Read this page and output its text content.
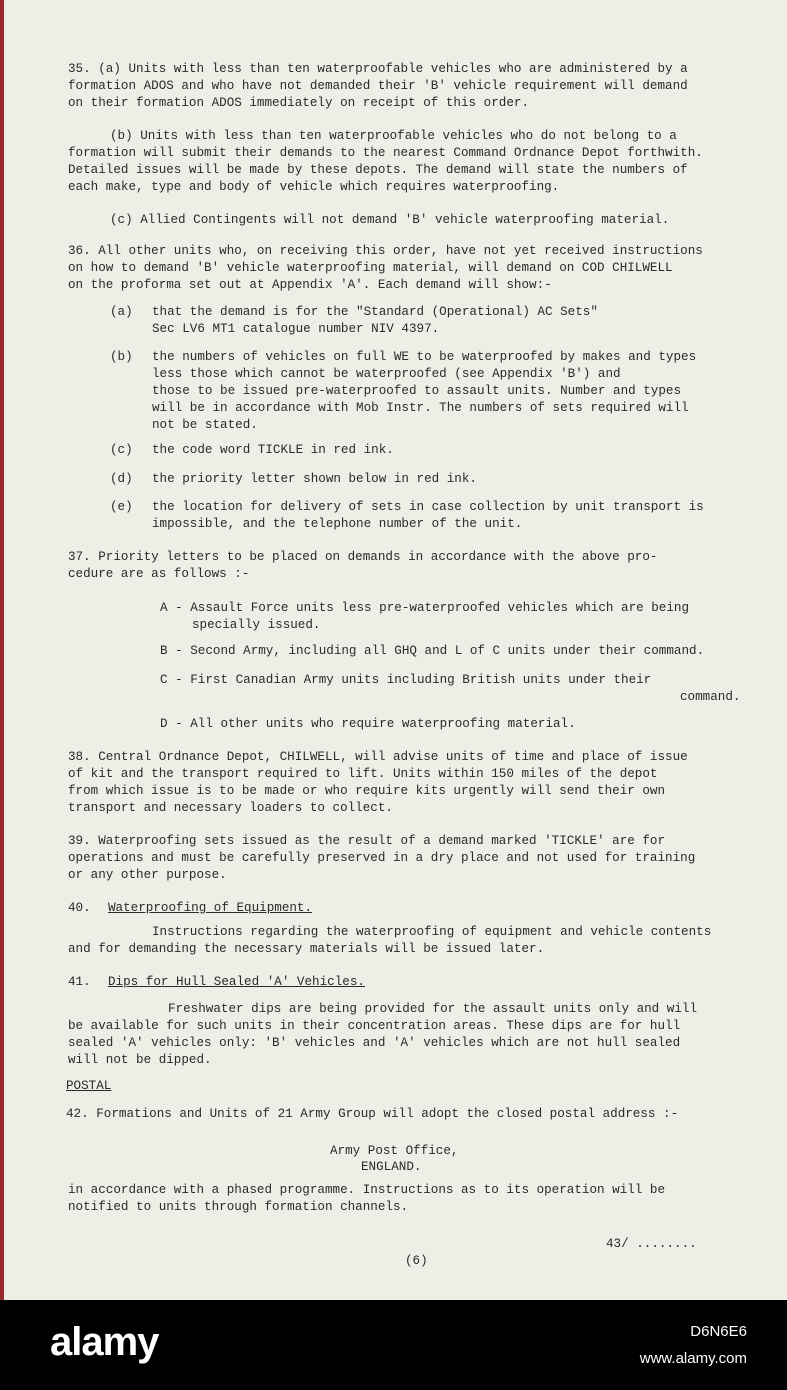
35. (a) Units with less than ten waterproofable vehicles who are administered by a
formation ADOS and who have not demanded their 'B' vehicle requirement will demand
on their formation ADOS immediately on receipt of this order.
(b) Units with less than ten waterproofable vehicles who do not belong to a
formation will submit their demands to the nearest Command Ordnance Depot forthwith.
Detailed issues will be made by these depots. The demand will state the numbers of
each make, type and body of vehicle which requires waterproofing.
(c) Allied Contingents will not demand 'B' vehicle waterproofing material.
36. All other units who, on receiving this order, have not yet received instructions
on how to demand 'B' vehicle waterproofing material, will demand on COD CHILWELL
on the proforma set out at Appendix 'A'. Each demand will show:-
(a) that the demand is for the "Standard (Operational) AC Sets"
Sec LV6 MT1 catalogue number NIV 4397.
(b) the numbers of vehicles on full WE to be waterproofed by makes and types
less those which cannot be waterproofed (see Appendix 'B') and
those to be issued pre-waterproofed to assault units. Number and types
will be in accordance with Mob Instr. The numbers of sets required will
not be stated.
(c) the code word TICKLE in red ink.
(d) the priority letter shown below in red ink.
(e) the location for delivery of sets in case collection by unit transport is
impossible, and the telephone number of the unit.
37. Priority letters to be placed on demands in accordance with the above pro-
cedure are as follows :-
A - Assault Force units less pre-waterproofed vehicles which are being
specially issued.
B - Second Army, including all GHQ and L of C units under their command.
C - First Canadian Army units including British units under their
command.
D - All other units who require waterproofing material.
38. Central Ordnance Depot, CHILWELL, will advise units of time and place of issue
of kit and the transport required to lift. Units within 150 miles of the depot
from which issue is to be made or who require kits urgently will send their own
transport and necessary loaders to collect.
39. Waterproofing sets issued as the result of a demand marked 'TICKLE' are for
operations and must be carefully preserved in a dry place and not used for training
or any other purpose.
40. Waterproofing of Equipment.
Instructions regarding the waterproofing of equipment and vehicle contents
and for demanding the necessary materials will be issued later.
41. Dips for Hull Sealed 'A' Vehicles.
Freshwater dips are being provided for the assault units only and will
be available for such units in their concentration areas. These dips are for hull
sealed 'A' vehicles only: 'B' vehicles and 'A' vehicles which are not hull sealed
will not be dipped.
POSTAL
42. Formations and Units of 21 Army Group will adopt the closed postal address :-
Army Post Office,
ENGLAND.
in accordance with a phased programme. Instructions as to its operation will be
notified to units through formation channels.
43/ ........
(6)
alamy	D6N6E6
www.alamy.com
